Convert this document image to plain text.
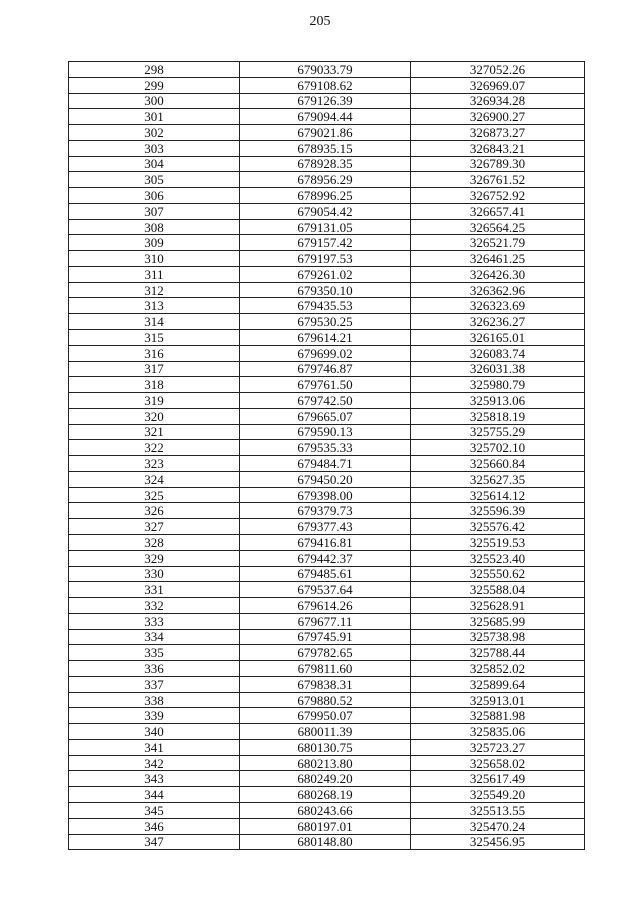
205
298	679033.79	327052.26
299	679108.62	326969.07
300	679126.39	326934.28
301	679094.44	326900.27
302	679021.86	326873.27
303	678935.15	326843.21
304	678928.35	326789.30
305	678956.29	326761.52
306	678996.25	326752.92
307	679054.42	326657.41
308	679131.05	326564.25
309	679157.42	326521.79
310	679197.53	326461.25
311	679261.02	326426.30
312	679350.10	326362.96
313	679435.53	326323.69
314	679530.25	326236.27
315	679614.21	326165.01
316	679699.02	326083.74
317	679746.87	326031.38
318	679761.50	325980.79
319	679742.50	325913.06
320	679665.07	325818.19
321	679590.13	325755.29
322	679535.33	325702.10
323	679484.71	325660.84
324	679450.20	325627.35
325	679398.00	325614.12
326	679379.73	325596.39
327	679377.43	325576.42
328	679416.81	325519.53
329	679442.37	325523.40
330	679485.61	325550.62
331	679537.64	325588.04
332	679614.26	325628.91
333	679677.11	325685.99
334	679745.91	325738.98
335	679782.65	325788.44
336	679811.60	325852.02
337	679838.31	325899.64
338	679880.52	325913.01
339	679950.07	325881.98
340	680011.39	325835.06
341	680130.75	325723.27
342	680213.80	325658.02
343	680249.20	325617.49
344	680268.19	325549.20
345	680243.66	325513.55
346	680197.01	325470.24
347	680148.80	325456.95
